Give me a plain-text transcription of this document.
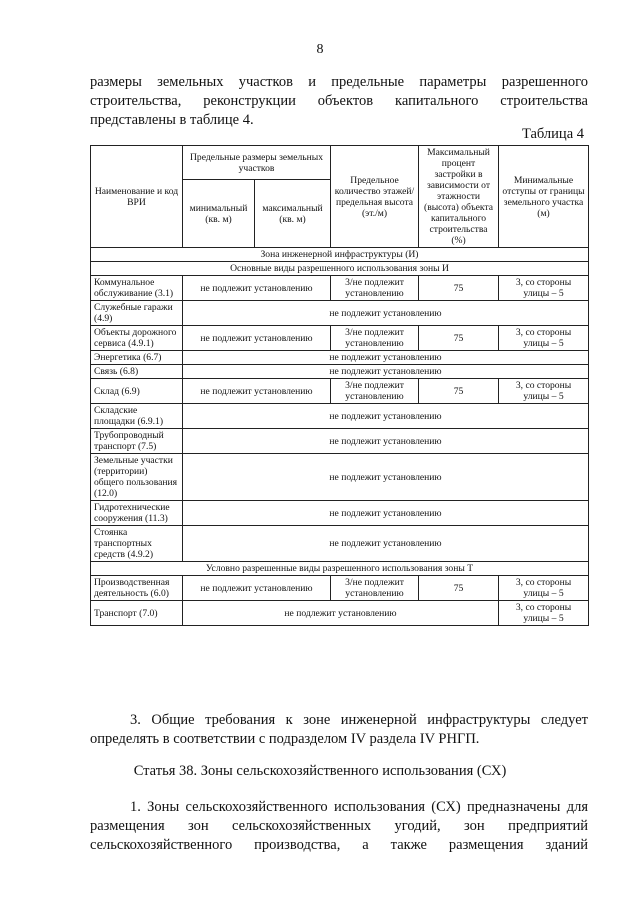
8
размеры земельных участков и предельные параметры разрешенного
строительства, реконструкции объектов капитального строительства
представлены в таблице 4.
Таблица 4
Наименование и код ВРИ	Предельные размеры земельных участков		Предельное количество этажей/ предельная высота (эт./м)	Максимальный процент застройки в зависимости от этажности (высота) объекта капитального строительства (%)	Минимальные отступы от границы земельного участка (м)
	минимальный (кв. м)	максимальный (кв. м)			
Зона инженерной инфраструктуры (И)					
Основные виды разрешенного использования зоны И					
Коммунальное обслуживание (3.1)	не подлежит установлению		3/не подлежит установлению	75	3, со стороны улицы – 5
Служебные гаражи (4.9)	не подлежит установлению				
Объекты дорожного сервиса (4.9.1)	не подлежит установлению		3/не подлежит установлению	75	3, со стороны улицы – 5
Энергетика (6.7)	не подлежит установлению				
Связь (6.8)	не подлежит установлению				
Склад (6.9)	не подлежит установлению		3/не подлежит установлению	75	3, со стороны улицы – 5
Складские площадки (6.9.1)	не подлежит установлению				
Трубопроводный транспорт (7.5)	не подлежит установлению				
Земельные участки (территории) общего пользования (12.0)	не подлежит установлению				
Гидротехнические сооружения (11.3)	не подлежит установлению				
Стоянка транспортных средств (4.9.2)	не подлежит установлению				
Условно разрешенные виды разрешенного использования зоны Т					
Производственная деятельность (6.0)	не подлежит установлению		3/не подлежит установлению	75	3, со стороны улицы – 5
Транспорт (7.0)	не подлежит установлению				3, со стороны улицы – 5
3. Общие требования к зоне инженерной инфраструктуры следует определять в соответствии с подразделом IV раздела IV РНГП.
Статья 38. Зоны сельскохозяйственного использования (СХ)
1. Зоны сельскохозяйственного использования (СХ) предназначены для размещения зон сельскохозяйственных угодий, зон предприятий сельскохозяйственного производства, а также размещения зданий
